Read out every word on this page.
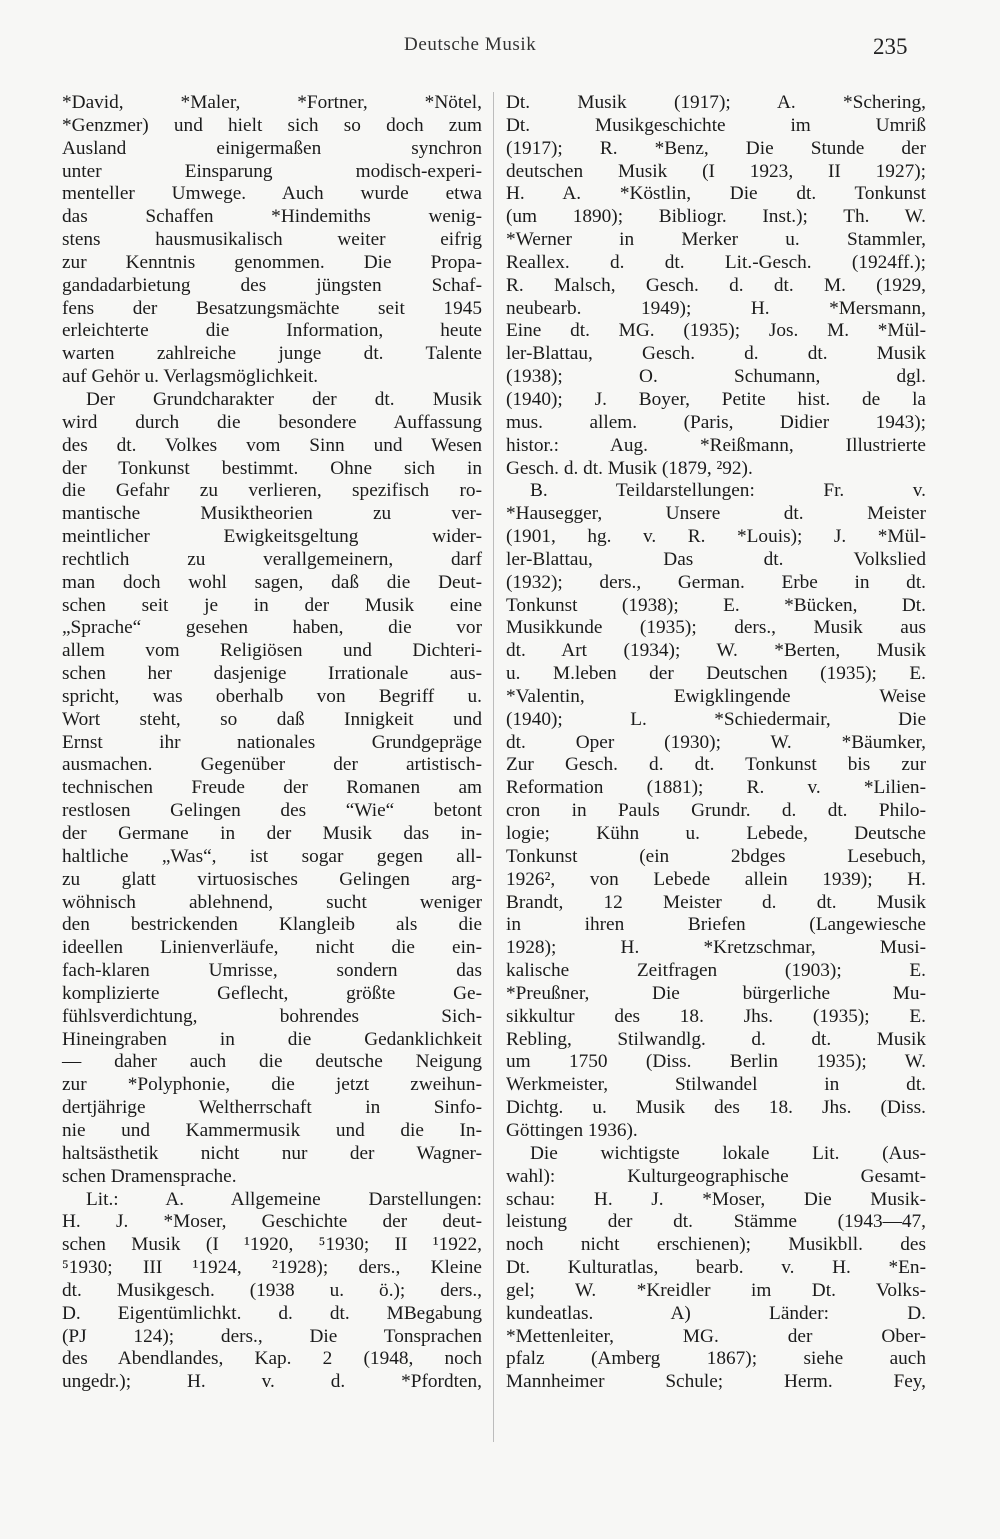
Deutsche Musik	235
*David, *Maler, *Fortner, *Nötel,
*Genzmer) und hielt sich so doch zum
Ausland einigermaßen synchron
unter Einsparung modisch-experi-
menteller Umwege. Auch wurde etwa
das Schaffen *Hindemiths wenig-
stens hausmusikalisch weiter eifrig
zur Kenntnis genommen. Die Propa-
gandadarbietung des jüngsten Schaf-
fens der Besatzungsmächte seit 1945
erleichterte die Information, heute
warten zahlreiche junge dt. Talente
auf Gehör u. Verlagsmöglichkeit.
Der Grundcharakter der dt. Musik
wird durch die besondere Auffassung
des dt. Volkes vom Sinn und Wesen
der Tonkunst bestimmt. Ohne sich in
die Gefahr zu verlieren, spezifisch ro-
mantische Musiktheorien zu ver-
meintlicher Ewigkeitsgeltung wider-
rechtlich zu verallgemeinern, darf
man doch wohl sagen, daß die Deut-
schen seit je in der Musik eine
„Sprache“ gesehen haben, die vor
allem vom Religiösen und Dichteri-
schen her dasjenige Irrationale aus-
spricht, was oberhalb von Begriff u.
Wort steht, so daß Innigkeit und
Ernst ihr nationales Grundgepräge
ausmachen. Gegenüber der artistisch-
technischen Freude der Romanen am
restlosen Gelingen des “Wie“ betont
der Germane in der Musik das in-
haltliche „Was“, ist sogar gegen all-
zu glatt virtuosisches Gelingen arg-
wöhnisch ablehnend, sucht weniger
den bestrickenden Klangleib als die
ideellen Linienverläufe, nicht die ein-
fach-klaren Umrisse, sondern das
komplizierte Geflecht, größte Ge-
fühlsverdichtung, bohrendes Sich-
Hineingraben in die Gedanklichkeit
— daher auch die deutsche Neigung
zur *Polyphonie, die jetzt zweihun-
dertjährige Weltherrschaft in Sinfo-
nie und Kammermusik und die In-
haltsästhetik nicht nur der Wagner-
schen Dramensprache.
Lit.: A. Allgemeine Darstellungen:
H. J. *Moser, Geschichte der deut-
schen Musik (I ¹1920, ⁵1930; II ¹1922,
⁵1930; III ¹1924, ²1928); ders., Kleine
dt. Musikgesch. (1938 u. ö.); ders.,
D. Eigentümlichkt. d. dt. MBegabung
(PJ 124); ders., Die Tonsprachen
des Abendlandes, Kap. 2 (1948, noch
ungedr.); H. v. d. *Pfordten,
Dt. Musik (1917); A. *Schering,
Dt. Musikgeschichte im Umriß
(1917); R. *Benz, Die Stunde der
deutschen Musik (I 1923, II 1927);
H. A. *Köstlin, Die dt. Tonkunst
(um 1890); Bibliogr. Inst.); Th. W.
*Werner in Merker u. Stammler,
Reallex. d. dt. Lit.-Gesch. (1924ff.);
R. Malsch, Gesch. d. dt. M. (1929,
neubearb. 1949); H. *Mersmann,
Eine dt. MG. (1935); Jos. M. *Mül-
ler-Blattau, Gesch. d. dt. Musik
(1938); O. Schumann, dgl.
(1940); J. Boyer, Petite hist. de la
mus. allem. (Paris, Didier 1943);
histor.: Aug. *Reißmann, Illustrierte
Gesch. d. dt. Musik (1879, ²92).
B. Teildarstellungen: Fr. v.
*Hausegger, Unsere dt. Meister
(1901, hg. v. R. *Louis); J. *Mül-
ler-Blattau, Das dt. Volkslied
(1932); ders., German. Erbe in dt.
Tonkunst (1938); E. *Bücken, Dt.
Musikkunde (1935); ders., Musik aus
dt. Art (1934); W. *Berten, Musik
u. M.leben der Deutschen (1935); E.
*Valentin, Ewigklingende Weise
(1940); L. *Schiedermair, Die
dt. Oper (1930); W. *Bäumker,
Zur Gesch. d. dt. Tonkunst bis zur
Reformation (1881); R. v. *Lilien-
cron in Pauls Grundr. d. dt. Philo-
logie; Kühn u. Lebede, Deutsche
Tonkunst (ein 2bdges Lesebuch,
1926², von Lebede allein 1939); H.
Brandt, 12 Meister d. dt. Musik
in ihren Briefen (Langewiesche
1928); H. *Kretzschmar, Musi-
kalische Zeitfragen (1903); E.
*Preußner, Die bürgerliche Mu-
sikkultur des 18. Jhs. (1935); E.
Rebling, Stilwandlg. d. dt. Musik
um 1750 (Diss. Berlin 1935); W.
Werkmeister, Stilwandel in dt.
Dichtg. u. Musik des 18. Jhs. (Diss.
Göttingen 1936).
Die wichtigste lokale Lit. (Aus-
wahl): Kulturgeographische Gesamt-
schau: H. J. *Moser, Die Musik-
leistung der dt. Stämme (1943—47,
noch nicht erschienen); Musikbll. des
Dt. Kulturatlas, bearb. v. H. *En-
gel; W. *Kreidler im Dt. Volks-
kundeatlas. A) Länder: D.
*Mettenleiter, MG. der Ober-
pfalz (Amberg 1867); siehe auch
Mannheimer Schule; Herm. Fey,
